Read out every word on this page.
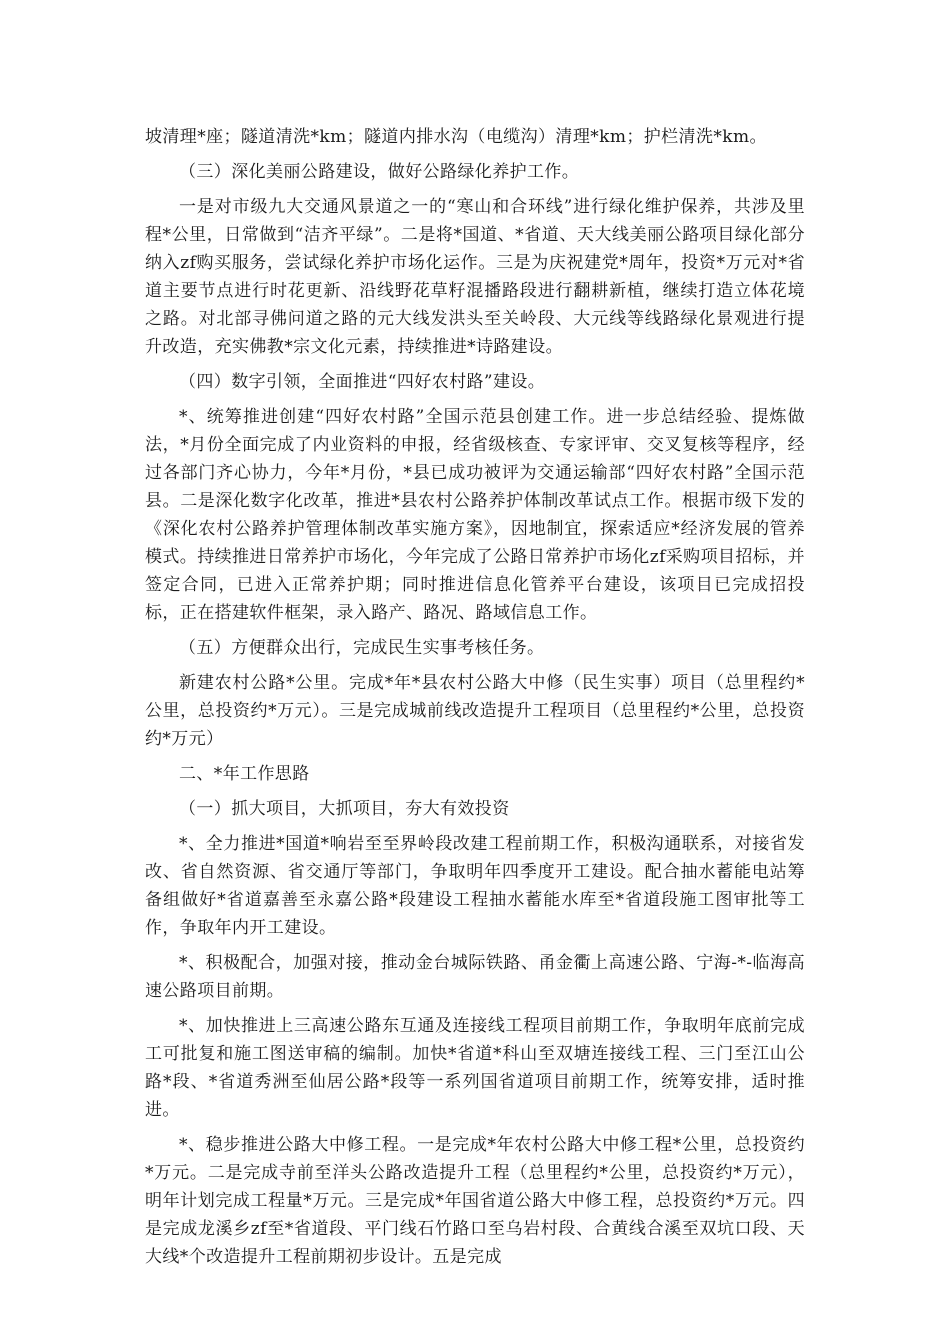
坡清理*座；隧道清洗*km；隧道内排水沟（电缆沟）清理*km；护栏清洗*km。

（三）深化美丽公路建设，做好公路绿化养护工作。

一是对市级九大交通风景道之一的“寒山和合环线”进行绿化维护保养，共涉及里程*公里，日常做到“洁齐平绿”。二是将*国道、*省道、天大线美丽公路项目绿化部分纳入zf购买服务，尝试绿化养护市场化运作。三是为庆祝建党*周年，投资*万元对*省道主要节点进行时花更新、沿线野花草籽混播路段进行翻耕新植，继续打造立体花境之路。对北部寻佛问道之路的元大线发洪头至关岭段、大元线等线路绿化景观进行提升改造，充实佛教*宗文化元素，持续推进*诗路建设。

（四）数字引领，全面推进“四好农村路”建设。

*、统筹推进创建“四好农村路”全国示范县创建工作。进一步总结经验、提炼做法，*月份全面完成了内业资料的申报，经省级核查、专家评审、交叉复核等程序，经过各部门齐心协力，今年*月份，*县已成功被评为交通运输部“四好农村路”全国示范县。二是深化数字化改革，推进*县农村公路养护体制改革试点工作。根据市级下发的《深化农村公路养护管理体制改革实施方案》，因地制宜，探索适应*经济发展的管养模式。持续推进日常养护市场化，今年完成了公路日常养护市场化zf采购项目招标，并签定合同，已进入正常养护期；同时推进信息化管养平台建设，该项目已完成招投标，正在搭建软件框架，录入路产、路况、路域信息工作。

（五）方便群众出行，完成民生实事考核任务。

新建农村公路*公里。完成*年*县农村公路大中修（民生实事）项目（总里程约*公里，总投资约*万元）。三是完成城前线改造提升工程项目（总里程约*公里，总投资约*万元）

二、*年工作思路

（一）抓大项目，大抓项目，夯大有效投资

*、全力推进*国道*响岩至至界岭段改建工程前期工作，积极沟通联系，对接省发改、省自然资源、省交通厅等部门，争取明年四季度开工建设。配合抽水蓄能电站筹备组做好*省道嘉善至永嘉公路*段建设工程抽水蓄能水库至*省道段施工图审批等工作，争取年内开工建设。

*、积极配合，加强对接，推动金台城际铁路、甬金衢上高速公路、宁海-*-临海高速公路项目前期。

*、加快推进上三高速公路东互通及连接线工程项目前期工作，争取明年底前完成工可批复和施工图送审稿的编制。加快*省道*科山至双塘连接线工程、三门至江山公路*段、*省道秀洲至仙居公路*段等一系列国省道项目前期工作，统筹安排，适时推进。

*、稳步推进公路大中修工程。一是完成*年农村公路大中修工程*公里，总投资约*万元。二是完成寺前至洋头公路改造提升工程（总里程约*公里，总投资约*万元），明年计划完成工程量*万元。三是完成*年国省道公路大中修工程，总投资约*万元。四是完成龙溪乡zf至*省道段、平门线石竹路口至乌岩村段、合黄线合溪至双坑口段、天大线*个改造提升工程前期初步设计。五是完成
